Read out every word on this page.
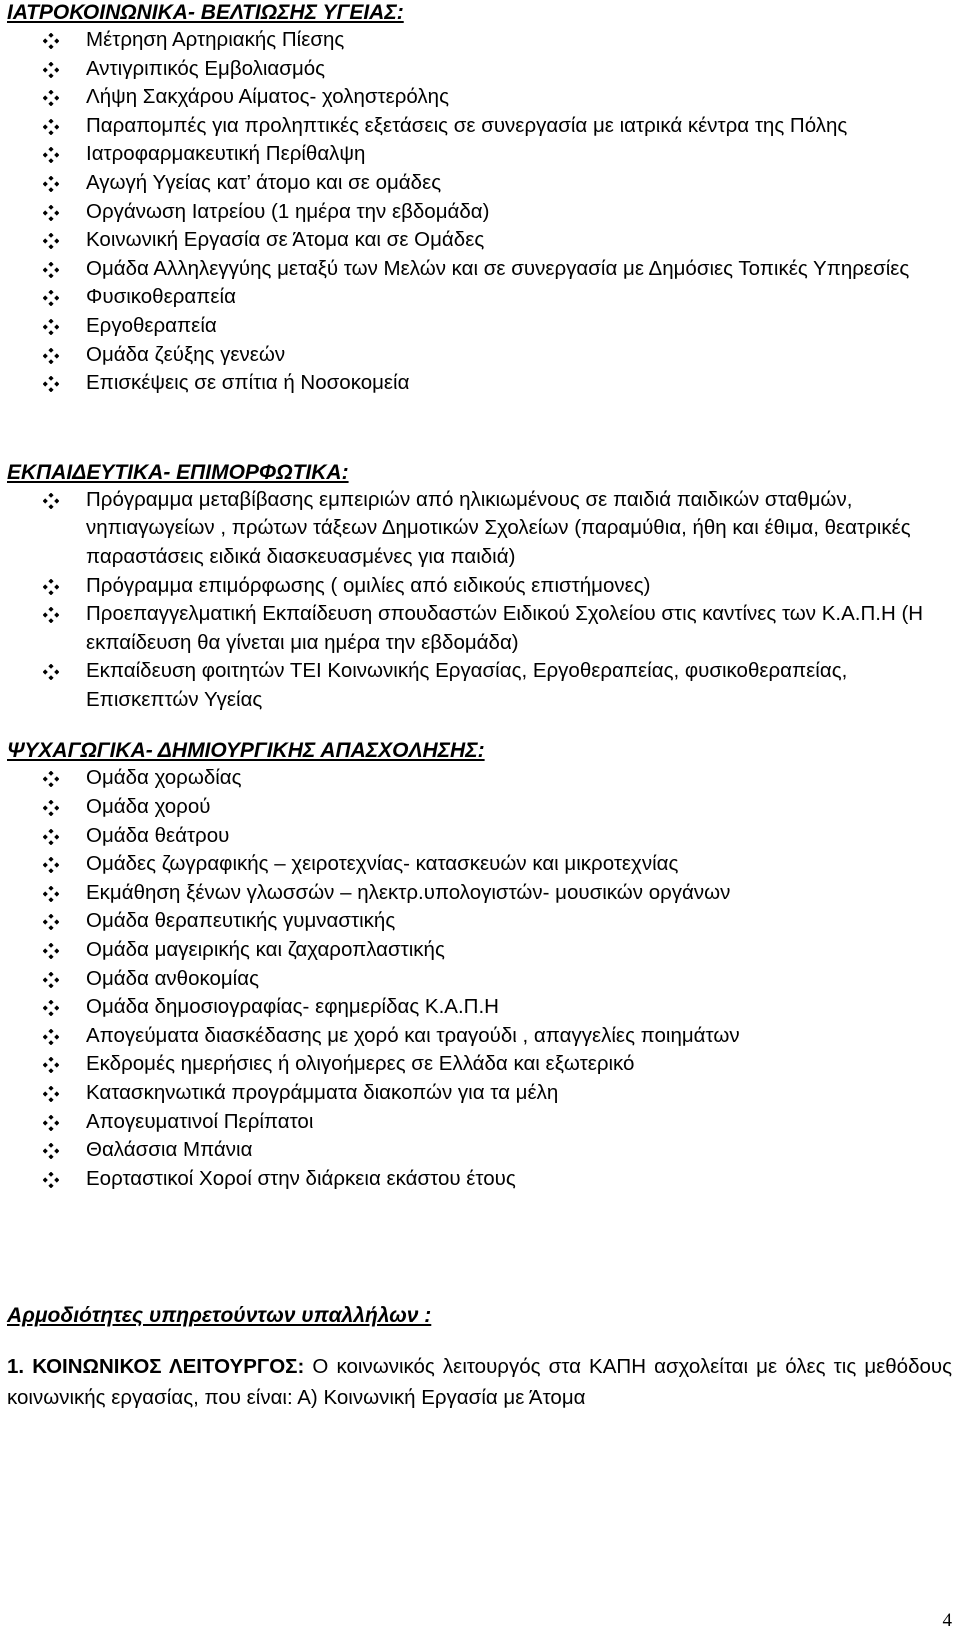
ΙΑΤΡΟΚΟΙΝΩΝΙΚΑ- ΒΕΛΤΙΩΣΗΣ ΥΓΕΙΑΣ:

Μέτρηση Αρτηριακής Πίεσης
Αντιγριπικός Εμβολιασμός
Λήψη Σακχάρου Αίματος- χοληστερόλης
Παραπομπές για προληπτικές εξετάσεις σε συνεργασία με ιατρικά κέντρα της Πόλης
Ιατροφαρμακευτική Περίθαλψη
Αγωγή Υγείας κατ’ άτομο και σε ομάδες
Οργάνωση Ιατρείου (1 ημέρα την εβδομάδα)
Κοινωνική Εργασία σε Άτομα και σε Ομάδες
Ομάδα Αλληλεγγύης μεταξύ των Μελών και σε συνεργασία με Δημόσιες Τοπικές Υπηρεσίες
Φυσικοθεραπεία
Εργοθεραπεία
Ομάδα ζεύξης γενεών
Επισκέψεις σε σπίτια ή Νοσοκομεία

ΕΚΠΑΙΔΕΥΤΙΚΑ- ΕΠΙΜΟΡΦΩΤΙΚΑ:

Πρόγραμμα μεταβίβασης εμπειριών από ηλικιωμένους σε παιδιά παιδικών σταθμών, νηπιαγωγείων , πρώτων τάξεων Δημοτικών Σχολείων (παραμύθια, ήθη και έθιμα, θεατρικές παραστάσεις ειδικά διασκευασμένες για παιδιά)
Πρόγραμμα επιμόρφωσης ( ομιλίες από ειδικούς επιστήμονες)
Προεπαγγελματική Εκπαίδευση σπουδαστών Ειδικού Σχολείου στις καντίνες των Κ.Α.Π.Η (Η εκπαίδευση θα γίνεται μια ημέρα την εβδομάδα)
Εκπαίδευση φοιτητών ΤΕΙ Κοινωνικής Εργασίας, Εργοθεραπείας, φυσικοθεραπείας, Επισκεπτών Υγείας

ΨΥΧΑΓΩΓΙΚΑ- ΔΗΜΙΟΥΡΓΙΚΗΣ ΑΠΑΣΧΟΛΗΣΗΣ:

Ομάδα χορωδίας
Ομάδα χορού
Ομάδα θεάτρου
Ομάδες ζωγραφικής – χειροτεχνίας- κατασκευών και μικροτεχνίας
Εκμάθηση ξένων γλωσσών – ηλεκτρ.υπολογιστών- μουσικών οργάνων
Ομάδα θεραπευτικής γυμναστικής
Ομάδα μαγειρικής και ζαχαροπλαστικής
Ομάδα ανθοκομίας
Ομάδα δημοσιογραφίας- εφημερίδας Κ.Α.Π.Η
Απογεύματα διασκέδασης με χορό και τραγούδι , απαγγελίες ποιημάτων
Εκδρομές ημερήσιες ή ολιγοήμερες σε Ελλάδα και εξωτερικό
Κατασκηνωτικά προγράμματα διακοπών για τα μέλη
Απογευματινοί Περίπατοι
Θαλάσσια Μπάνια
Εορταστικοί Χοροί στην διάρκεια εκάστου έτους

Αρμοδιότητες υπηρετούντων υπαλλήλων :

1. ΚΟΙΝΩΝΙΚΟΣ ΛΕΙΤΟΥΡΓΟΣ: Ο κοινωνικός λειτουργός στα ΚΑΠΗ ασχολείται με όλες τις μεθόδους κοινωνικής εργασίας, που είναι: Α) Κοινωνική Εργασία με Άτομα

4
